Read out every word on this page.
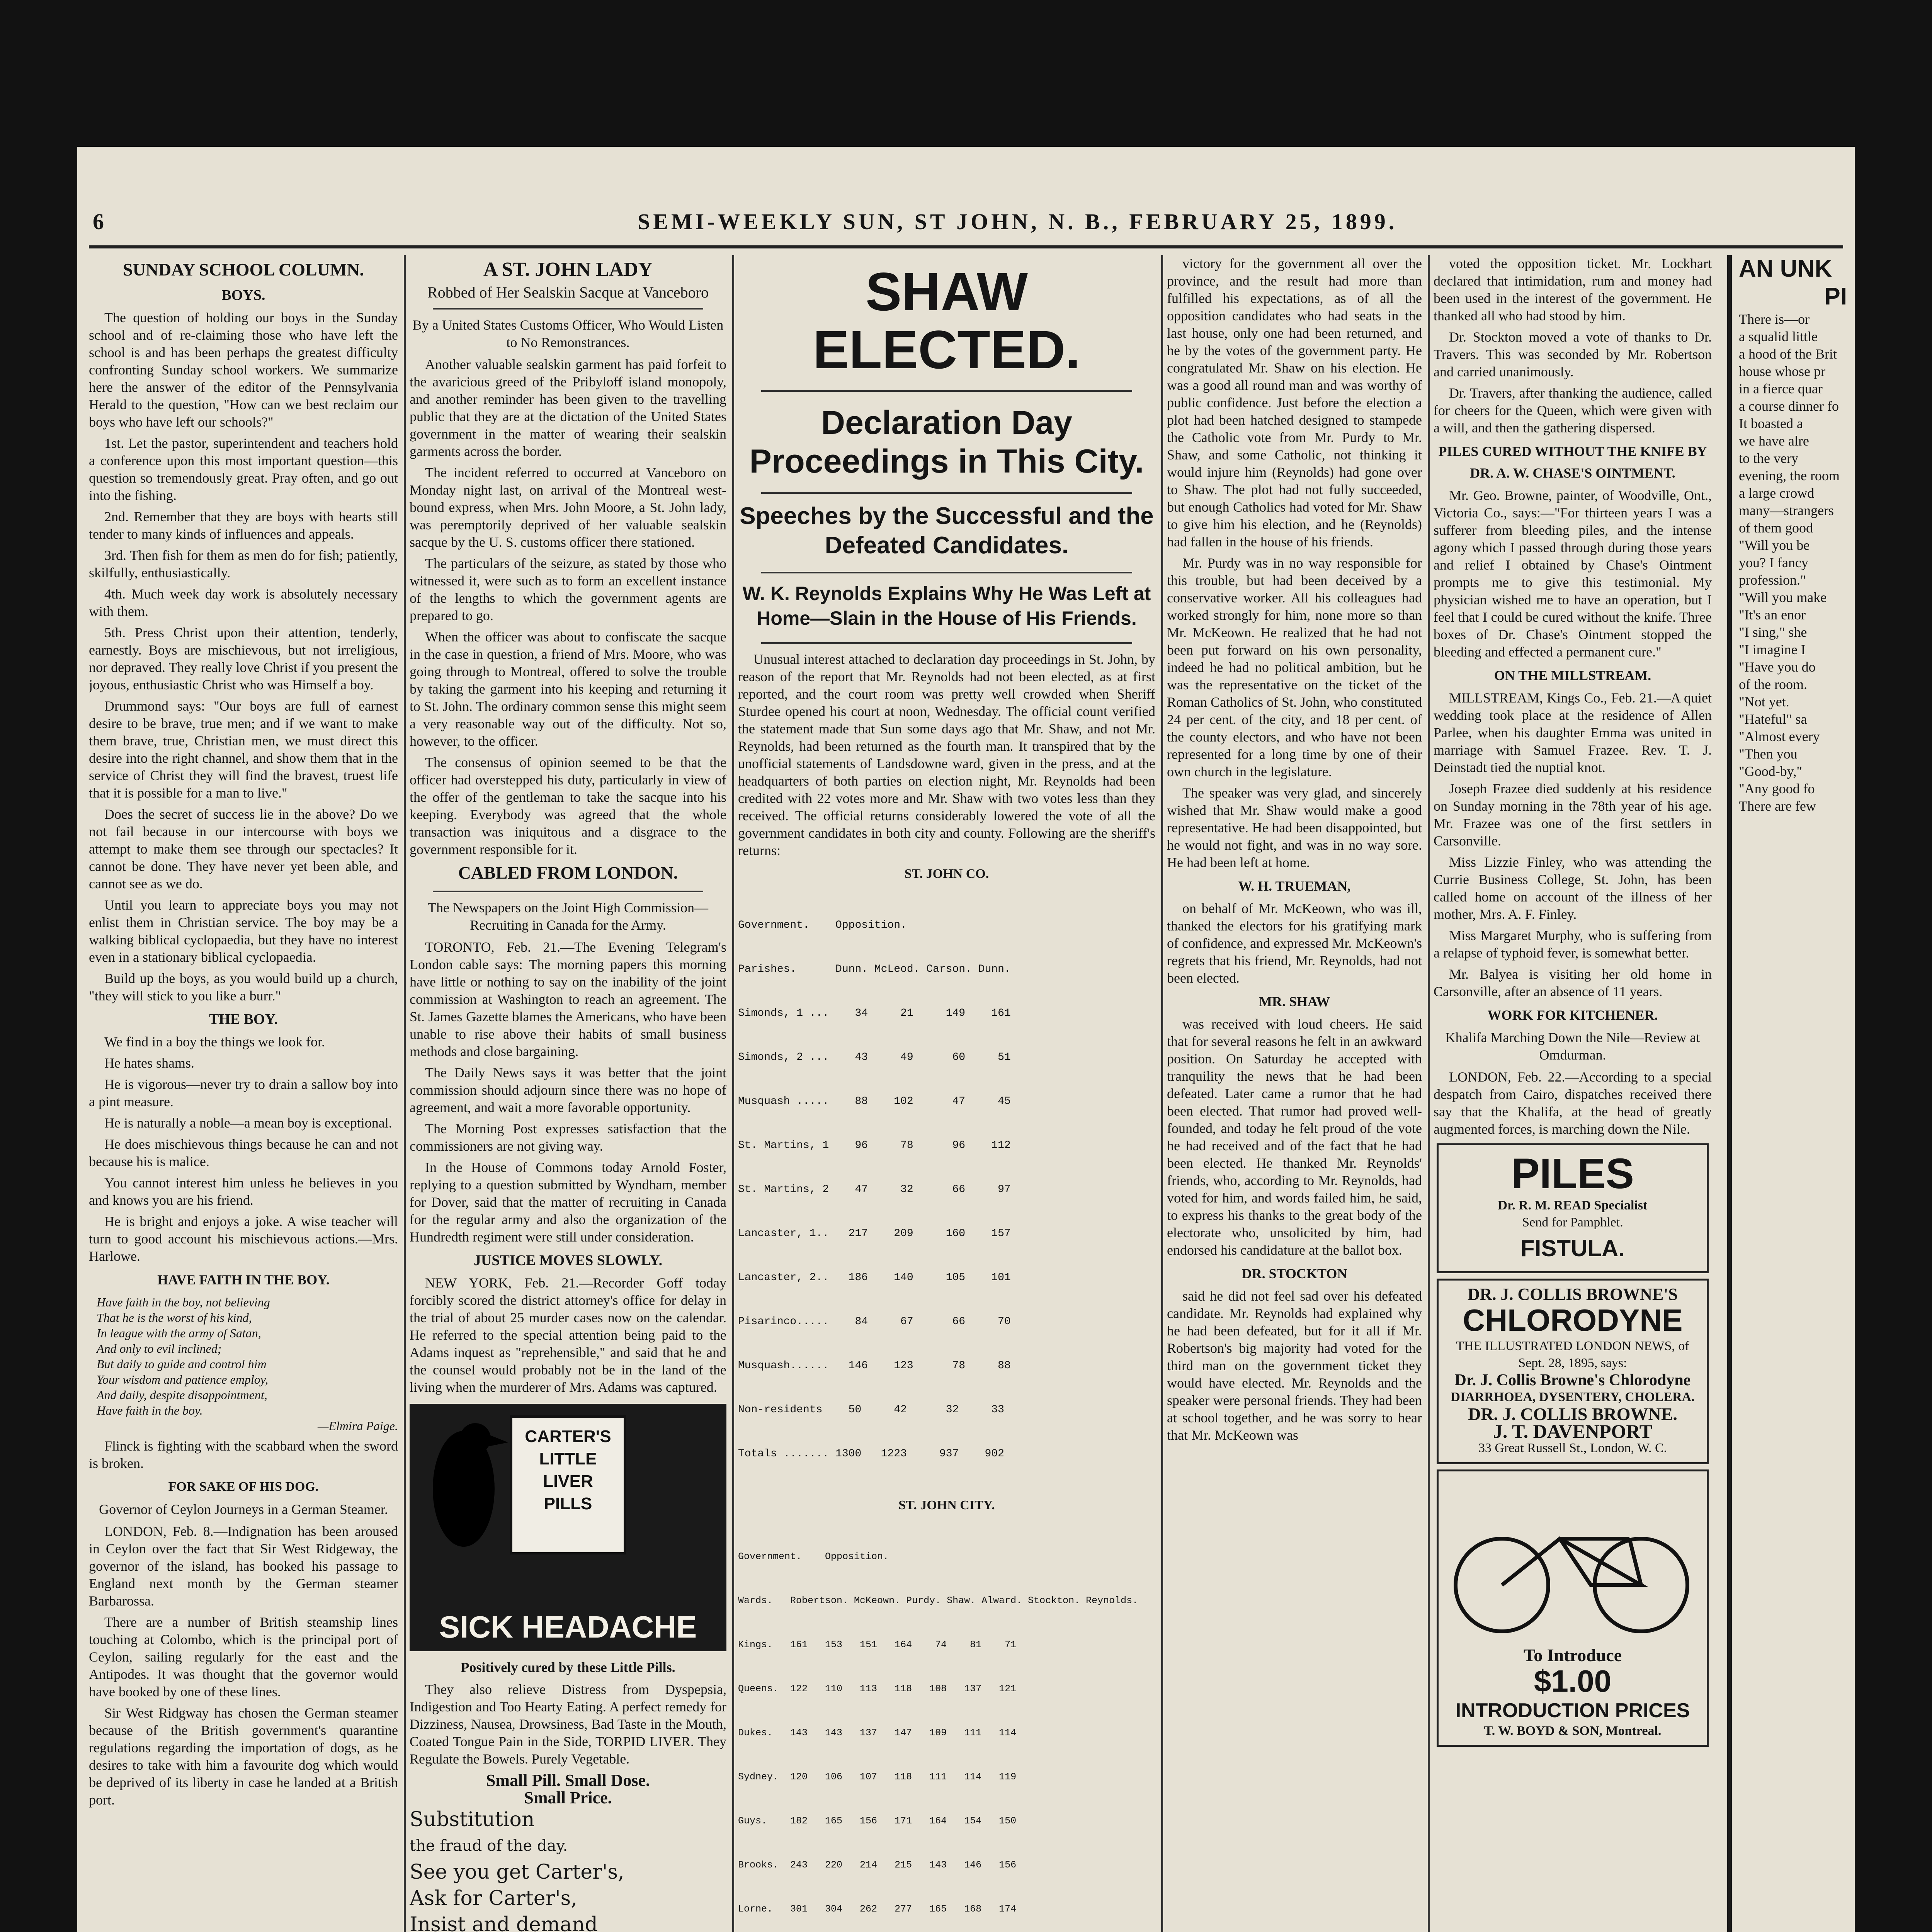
6	SEMI-WEEKLY SUN, ST JOHN, N. B., FEBRUARY 25, 1899.
SUNDAY SCHOOL COLUMN.
BOYS.

The question of holding our boys in the Sunday school and of re-claiming those who have left the school is and has been perhaps the greatest difficulty confronting Sunday school workers. We summarize here the answer of the editor of the Pennsylvania Herald to the question, "How can we best reclaim our boys who have left our schools?"

1st. Let the pastor, superintendent and teachers hold a conference upon this most important question—this question so tremendously great. Pray often, and go out into the fishing.

2nd. Remember that they are boys with hearts still tender to many kinds of influences and appeals.

3rd. Then fish for them as men do for fish; patiently, skilfully, enthusiastically.

4th. Much week day work is absolutely necessary with them.

5th. Press Christ upon their attention, tenderly, earnestly. Boys are mischievous, but not irreligious, nor depraved. They really love Christ if you present the joyous, enthusiastic Christ who was Himself a boy.

Drummond says: "Our boys are full of earnest desire to be brave, true men; and if we want to make them brave, true, Christian men, we must direct this desire into the right channel, and show them that in the service of Christ they will find the bravest, truest life that it is possible for a man to live."

Does the secret of success lie in the above? Do we not fail because in our intercourse with boys we attempt to make them see through our spectacles? It cannot be done. They have never yet been able, and cannot see as we do.

Until you learn to appreciate boys you may not enlist them in Christian service. The boy may be a walking biblical cyclopaedia, but they have no interest even in a stationary biblical cyclopaedia.

Build up the boys, as you would build up a church, "they will stick to you like a burr."

THE BOY.

We find in a boy the things we look for.

He hates shams.

He is vigorous—never try to drain a sallow boy into a pint measure.

He is naturally a noble—a mean boy is exceptional.

He does mischievous things because he can and not because his is malice.

You cannot interest him unless he believes in you and knows you are his friend.

He is bright and enjoys a joke. A wise teacher will turn to good account his mischievous actions.—Mrs. Harlowe.

HAVE FAITH IN THE BOY.
Have faith in the boy, not believing
That he is the worst of his kind,
In league with the army of Satan,
And only to evil inclined;
But daily to guide and control him
Your wisdom and patience employ,
And daily, despite disappointment,
Have faith in the boy.
—Elmira Paige.

Flinck is fighting with the scabbard when the sword is broken.

FOR SAKE OF HIS DOG.
Governor of Ceylon Journeys in a German Steamer.

LONDON, Feb. 8.—Indignation has been aroused in Ceylon over the fact that Sir West Ridgeway, the governor of the island, has booked his passage to England next month by the German steamer Barbarossa.

There are a number of British steamship lines touching at Colombo, which is the principal port of Ceylon, sailing regularly for the east and the Antipodes. It was thought that the governor would have booked by one of these lines.

Sir West Ridgway has chosen the German steamer because of the British government's quarantine regulations regarding the importation of dogs, as he desires to take with him a favourite dog which would be deprived of its liberty in case he landed at a British port.

A ST. JOHN LADY
Robbed of Her Sealskin Sacque at Vanceboro
By a United States Customs Officer, Who Would Listen to No Remonstrances.

Another valuable sealskin garment has paid forfeit to the avaricious greed of the Pribyloff island monopoly, and another reminder has been given to the travelling public that they are at the dictation of the United States government in the matter of wearing their sealskin garments across the border.

The incident referred to occurred at Vanceboro on Monday night last, on arrival of the Montreal west-bound express, when Mrs. John Moore, a St. John lady, was peremptorily deprived of her valuable sealskin sacque by the U. S. customs officer there stationed.

The particulars of the seizure, as stated by those who witnessed it, were such as to form an excellent instance of the lengths to which the government agents are prepared to go.

When the officer was about to confiscate the sacque in the case in question, a friend of Mrs. Moore, who was going through to Montreal, offered to solve the trouble by taking the garment into his keeping and returning it to St. John. The ordinary common sense this might seem a very reasonable way out of the difficulty. Not so, however, to the officer.

The consensus of opinion seemed to be that the officer had overstepped his duty, particularly in view of the offer of the gentleman to take the sacque into his keeping. Everybody was agreed that the whole transaction was iniquitous and a disgrace to the government responsible for it.

CABLED FROM LONDON.
The Newspapers on the Joint High Commission—Recruiting in Canada for the Army.

TORONTO, Feb. 21.—The Evening Telegram's London cable says: The morning papers this morning have little or nothing to say on the inability of the joint commission at Washington to reach an agreement. The St. James Gazette blames the Americans, who have been unable to rise above their habits of small business methods and close bargaining.

The Daily News says it was better that the joint commission should adjourn since there was no hope of agreement, and wait a more favorable opportunity.

The Morning Post expresses satisfaction that the commissioners are not giving way.

In the House of Commons today Arnold Foster, replying to a question submitted by Wyndham, member for Dover, said that the matter of recruiting in Canada for the regular army and also the organization of the Hundredth regiment were still under consideration.

JUSTICE MOVES SLOWLY.

NEW YORK, Feb. 21.—Recorder Goff today forcibly scored the district attorney's office for delay in the trial of about 25 murder cases now on the calendar. He referred to the special attention being paid to the Adams inquest as "reprehensible," and said that he and the counsel would probably not be in the land of the living when the murderer of Mrs. Adams was captured.

CARTER'S
LITTLE
LIVER
PILLS
SICK HEADACHE
Positively cured by these Little Pills.

They also relieve Distress from Dyspepsia, Indigestion and Too Hearty Eating. A perfect remedy for Dizziness, Nausea, Drowsiness, Bad Taste in the Mouth, Coated Tongue Pain in the Side, TORPID LIVER. They Regulate the Bowels. Purely Vegetable.

Small Pill. Small Dose.
Small Price.
Substitution
the fraud of the day.
See you get Carter's,
Ask for Carter's,
Insist and demand
SHAW ELECTED.
Declaration Day Proceedings in This City.
Speeches by the Successful and the Defeated Candidates.
W. K. Reynolds Explains Why He Was Left at Home—Slain in the House of His Friends.

Unusual interest attached to declaration day proceedings in St. John, by reason of the report that Mr. Reynolds had not been elected, as at first reported, and the court room was pretty well crowded when Sheriff Sturdee opened his court at noon, Wednesday. The official count verified the statement made that Sun some days ago that Mr. Shaw, and not Mr. Reynolds, had been returned as the fourth man. It transpired that by the unofficial statements of Landsdowne ward, given in the press, and at the headquarters of both parties on election night, Mr. Reynolds had been credited with 22 votes more and Mr. Shaw with two votes less than they received. The official returns considerably lowered the vote of all the government candidates in both city and county. Following are the sheriff's returns:

ST. JOHN CO.

Government.    Opposition.

Parishes.      Dunn. McLeod. Carson. Dunn.

Simonds, 1 ...    34     21     149    161

Simonds, 2 ...    43     49      60     51

Musquash .....    88    102      47     45

St. Martins, 1    96     78      96    112

St. Martins, 2    47     32      66     97

Lancaster, 1..   217    209     160    157

Lancaster, 2..   186    140     105    101

Pisarinco.....    84     67      66     70

Musquash......   146    123      78     88

Non-residents    50     42      32     33

Totals ....... 1300   1223     937    902

ST. JOHN CITY.

Government.    Opposition.

Wards.   Robertson. McKeown. Purdy. Shaw. Alward. Stockton. Reynolds.

Kings.   161   153   151   164    74    81    71

Queens.  122   110   113   118   108   137   121

Dukes.   143   143   137   147   109   111   114

Sydney.  120   106   107   118   111   114   119

Guys.    182   165   156   171   164   154   150

Brooks.  243   220   214   215   143   146   156

Lorne.   301   304   262   277   165   168   174

victory for the government all over the province, and the result had more than fulfilled his expectations, as of all the opposition candidates who had seats in the last house, only one had been returned, and he by the votes of the government party. He congratulated Mr. Shaw on his election. He was a good all round man and was worthy of public confidence. Just before the election a plot had been hatched designed to stampede the Catholic vote from Mr. Purdy to Mr. Shaw, and some Catholic, not thinking it would injure him (Reynolds) had gone over to Shaw. The plot had not fully succeeded, but enough Catholics had voted for Mr. Shaw to give him his election, and he (Reynolds) had fallen in the house of his friends.

Mr. Purdy was in no way responsible for this trouble, but had been deceived by a conservative worker. All his colleagues had worked strongly for him, none more so than Mr. McKeown. He realized that he had not been put forward on his own personality, indeed he had no political ambition, but he was the representative on the ticket of the Roman Catholics of St. John, who constituted 24 per cent. of the city, and 18 per cent. of the county electors, and who have not been represented for a long time by one of their own church in the legislature.

The speaker was very glad, and sincerely wished that Mr. Shaw would make a good representative. He had been disappointed, but he would not fight, and was in no way sore. He had been left at home.

W. H. TRUEMAN,

on behalf of Mr. McKeown, who was ill, thanked the electors for his gratifying mark of confidence, and expressed Mr. McKeown's regrets that his friend, Mr. Reynolds, had not been elected.

MR. SHAW

was received with loud cheers. He said that for several reasons he felt in an awkward position. On Saturday he accepted with tranquility the news that he had been defeated. Later came a rumor that he had been elected. That rumor had proved well-founded, and today he felt proud of the vote he had received and of the fact that he had been elected. He thanked Mr. Reynolds' friends, who, according to Mr. Reynolds, had voted for him, and words failed him, he said, to express his thanks to the great body of the electorate who, unsolicited by him, had endorsed his candidature at the ballot box.

DR. STOCKTON

said he did not feel sad over his defeated candidate. Mr. Reynolds had explained why he had been defeated, but for it all if Mr. Robertson's big majority had voted for the third man on the government ticket they would have elected. Mr. Reynolds and the speaker were personal friends. They had been at school together, and he was sorry to hear that Mr. McKeown was

voted the opposition ticket. Mr. Lockhart declared that intimidation, rum and money had been used in the interest of the government. He thanked all who had stood by him.

Dr. Stockton moved a vote of thanks to Dr. Travers. This was seconded by Mr. Robertson and carried unanimously.

Dr. Travers, after thanking the audience, called for cheers for the Queen, which were given with a will, and then the gathering dispersed.

PILES CURED WITHOUT THE KNIFE BY DR. A. W. CHASE'S OINTMENT.

Mr. Geo. Browne, painter, of Woodville, Ont., Victoria Co., says:—"For thirteen years I was a sufferer from bleeding piles, and the intense agony which I passed through during those years and relief I obtained by Chase's Ointment prompts me to give this testimonial. My physician wished me to have an operation, but I feel that I could be cured without the knife. Three boxes of Dr. Chase's Ointment stopped the bleeding and effected a permanent cure."

ON THE MILLSTREAM.

MILLSTREAM, Kings Co., Feb. 21.—A quiet wedding took place at the residence of Allen Parlee, when his daughter Emma was united in marriage with Samuel Frazee. Rev. T. J. Deinstadt tied the nuptial knot.

Joseph Frazee died suddenly at his residence on Sunday morning in the 78th year of his age. Mr. Frazee was one of the first settlers in Carsonville.

Miss Lizzie Finley, who was attending the Currie Business College, St. John, has been called home on account of the illness of her mother, Mrs. A. F. Finley.

Miss Margaret Murphy, who is suffering from a relapse of typhoid fever, is somewhat better.

Mr. Balyea is visiting her old home in Carsonville, after an absence of 11 years.

WORK FOR KITCHENER.
Khalifa Marching Down the Nile—Review at Omdurman.

LONDON, Feb. 22.—According to a special despatch from Cairo, dispatches received there say that the Khalifa, at the head of greatly augmented forces, is marching down the Nile.

PILES
Dr. R. M. READ Specialist
Send for Pamphlet.
FISTULA.
DR. J. COLLIS BROWNE'S
CHLORODYNE
THE ILLUSTRATED LONDON NEWS, of Sept. 28, 1895, says:
Dr. J. Collis Browne's Chlorodyne
DIARRHOEA, DYSENTERY, CHOLERA.
DR. J. COLLIS BROWNE.
J. T. DAVENPORT
33 Great Russell St., London, W. C.
To Introduce
$1.00
INTRODUCTION PRICES
T. W. BOYD & SON, Montreal.
AN UNK
PI
There is—or
a squalid little
a hood of the Brit
house whose pr
in a fierce quar
a course dinner fo
It boasted a
we have alre
to the very
evening, the room
a large crowd
many—strangers
of them good
"Will you be
you? I fancy
profession."
"Will you make
"It's an enor
"I sing," she
"I imagine I
"Have you do
of the room.
"Not yet.
"Hateful" sa
"Almost every
"Then you
"Good-by,"
"Any good fo
There are few
